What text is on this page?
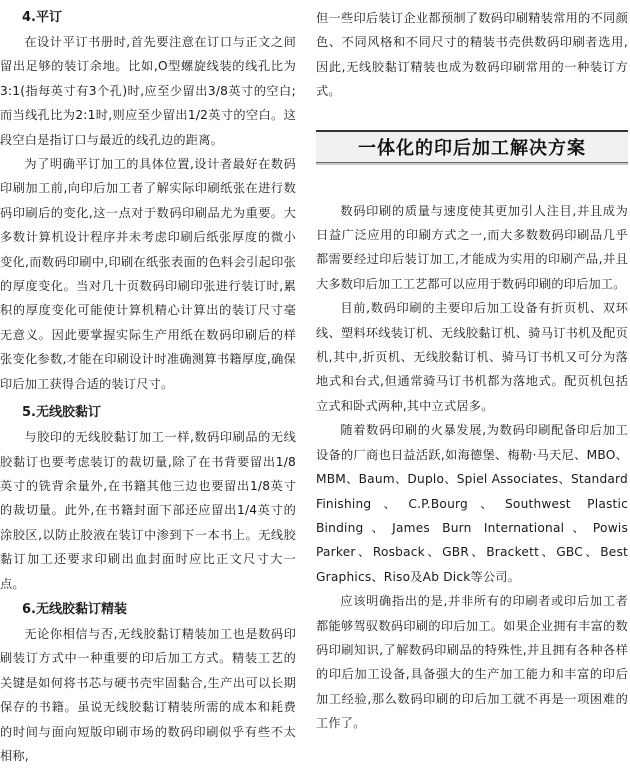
4.平订

在设计平订书册时,首先要注意在订口与正文之间留出足够的装订余地。比如,O型螺旋线装的线孔比为3:1(指每英寸有3个孔)时,应至少留出3/8英寸的空白;而当线孔比为2:1时,则应至少留出1/2英寸的空白。这段空白是指订口与最近的线孔边的距离。

为了明确平订加工的具体位置,设计者最好在数码印刷加工前,向印后加工者了解实际印刷纸张在进行数码印刷后的变化,这一点对于数码印刷品尤为重要。大多数计算机设计程序并未考虑印刷后纸张厚度的微小变化,而数码印刷中,印刷在纸张表面的色料会引起印张的厚度变化。当对几十页数码印刷印张进行装订时,累积的厚度变化可能使计算机精心计算出的装订尺寸毫无意义。因此要掌握实际生产用纸在数码印刷后的样张变化参数,才能在印刷设计时准确测算书籍厚度,确保印后加工获得合适的装订尺寸。

5.无线胶黏订

与胶印的无线胶黏订加工一样,数码印刷品的无线胶黏订也要考虑装订的裁切量,除了在书背要留出1/8英寸的铣背余量外,在书籍其他三边也要留出1/8英寸的裁切量。此外,在书籍封面下部还应留出1/4英寸的涂胶区,以防止胶液在装订中渗到下一本书上。无线胶黏订加工还要求印刷出血封面时应比正文尺寸大一点。

6.无线胶黏订精装

无论你相信与否,无线胶黏订精装加工也是数码印刷装订方式中一种重要的印后加工方式。精装工艺的关键是如何将书芯与硬书壳牢固黏合,生产出可以长期保存的书籍。虽说无线胶黏订精装所需的成本和耗费的时间与面向短版印刷市场的数码印刷似乎有些不太相称,

但一些印后装订企业都预制了数码印刷精装常用的不同颜色、不同风格和不同尺寸的精装书壳供数码印刷者选用,因此,无线胶黏订精装也成为数码印刷常用的一种装订方式。

一体化的印后加工解决方案

数码印刷的质量与速度使其更加引人注目,并且成为日益广泛应用的印刷方式之一,而大多数数码印刷品几乎都需要经过印后装订加工,才能成为实用的印刷产品,并且大多数印后加工工艺都可以应用于数码印刷的印后加工。

目前,数码印刷的主要印后加工设备有折页机、双环线、塑料环线装订机、无线胶黏订机、骑马订书机及配页机,其中,折页机、无线胶黏订机、骑马订书机又可分为落地式和台式,但通常骑马订书机都为落地式。配页机包括立式和卧式两种,其中立式居多。

随着数码印刷的火暴发展,为数码印刷配备印后加工设备的厂商也日益活跃,如海德堡、梅勒·马天尼、MBO、MBM、Baum、Duplo、Spiel Associates、Standard Finishing、C.P.Bourg、Southwest Plastic Binding、James Burn International、Powis Parker、Rosback、GBR、Brackett、GBC、Best Graphics、Riso及Ab Dick等公司。

应该明确指出的是,并非所有的印刷者或印后加工者都能够驾驭数码印刷的印后加工。如果企业拥有丰富的数码印刷知识,了解数码印刷品的特殊性,并且拥有各种各样的印后加工设备,具备强大的生产加工能力和丰富的印后加工经验,那么数码印刷的印后加工就不再是一项困难的工作了。
